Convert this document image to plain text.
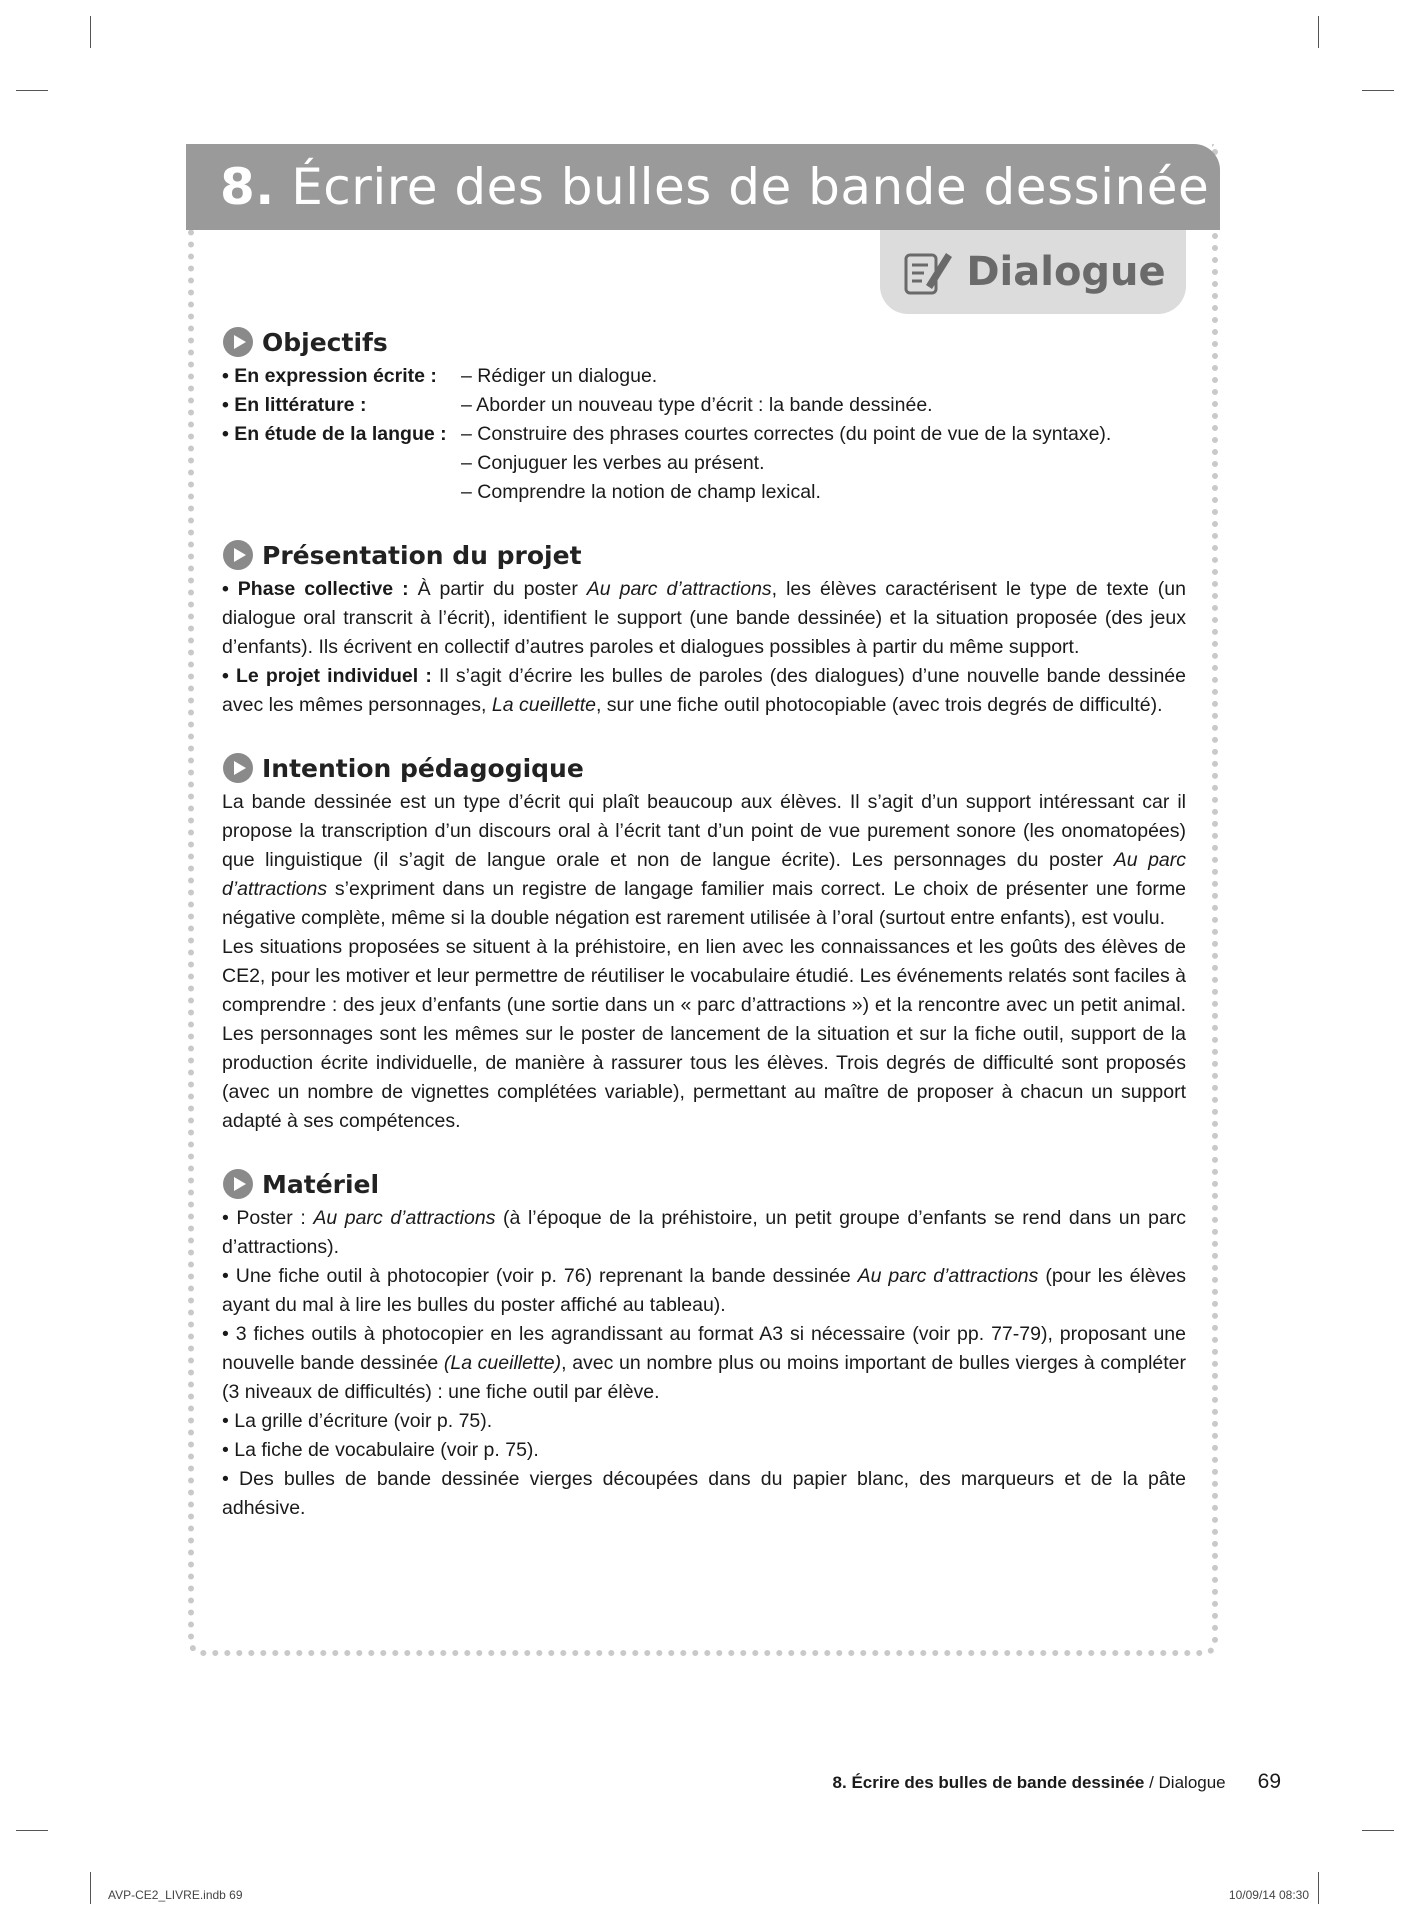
8. Écrire des bulles de bande dessinée
Dialogue
Objectifs
• En expression écrite :	– Rédiger un dialogue.
• En littérature :	– Aborder un nouveau type d’écrit : la bande dessinée.
• En étude de la langue : – Construire des phrases courtes correctes (du point de vue de la syntaxe).
– Conjuguer les verbes au présent.
– Comprendre la notion de champ lexical.
Présentation du projet

• Phase collective : À partir du poster Au parc d’attractions, les élèves caractérisent le type de texte (un dialogue oral transcrit à l’écrit), identifient le support (une bande dessinée) et la situation proposée (des jeux d’enfants). Ils écrivent en collectif d’autres paroles et dialogues possibles à partir du même support.

• Le projet individuel : Il s’agit d’écrire les bulles de paroles (des dialogues) d’une nouvelle bande dessinée avec les mêmes personnages, La cueillette, sur une fiche outil photocopiable (avec trois degrés de difficulté).

Intention pédagogique

La bande dessinée est un type d’écrit qui plaît beaucoup aux élèves. Il s’agit d’un support intéressant car il propose la transcription d’un discours oral à l’écrit tant d’un point de vue purement sonore (les onomatopées) que linguistique (il s’agit de langue orale et non de langue écrite). Les personnages du poster Au parc d’attractions s’expriment dans un registre de langage familier mais correct. Le choix de présenter une forme négative complète, même si la double négation est rarement utilisée à l’oral (surtout entre enfants), est voulu.

Les situations proposées se situent à la préhistoire, en lien avec les connaissances et les goûts des élèves de CE2, pour les motiver et leur permettre de réutiliser le vocabulaire étudié. Les événements relatés sont faciles à comprendre : des jeux d’enfants (une sortie dans un « parc d’attractions ») et la rencontre avec un petit animal. Les personnages sont les mêmes sur le poster de lancement de la situation et sur la fiche outil, support de la production écrite individuelle, de manière à rassurer tous les élèves. Trois degrés de difficulté sont proposés (avec un nombre de vignettes complétées variable), permettant au maître de proposer à chacun un support adapté à ses compétences.

Matériel

• Poster : Au parc d’attractions (à l’époque de la préhistoire, un petit groupe d’enfants se rend dans un parc d’attractions).

• Une fiche outil à photocopier (voir p. 76) reprenant la bande dessinée Au parc d’attractions (pour les élèves ayant du mal à lire les bulles du poster affiché au tableau).

• 3 fiches outils à photocopier en les agrandissant au format A3 si nécessaire (voir pp. 77-79), proposant une nouvelle bande dessinée (La cueillette), avec un nombre plus ou moins important de bulles vierges à compléter (3 niveaux de difficultés) : une fiche outil par élève.

• La grille d’écriture (voir p. 75).

• La fiche de vocabulaire (voir p. 75).

• Des bulles de bande dessinée vierges découpées dans du papier blanc, des marqueurs et de la pâte adhésive.

8. Écrire des bulles de bande dessinée / Dialogue 69
AVP-CE2_LIVRE.indb 69	10/09/14 08:30
